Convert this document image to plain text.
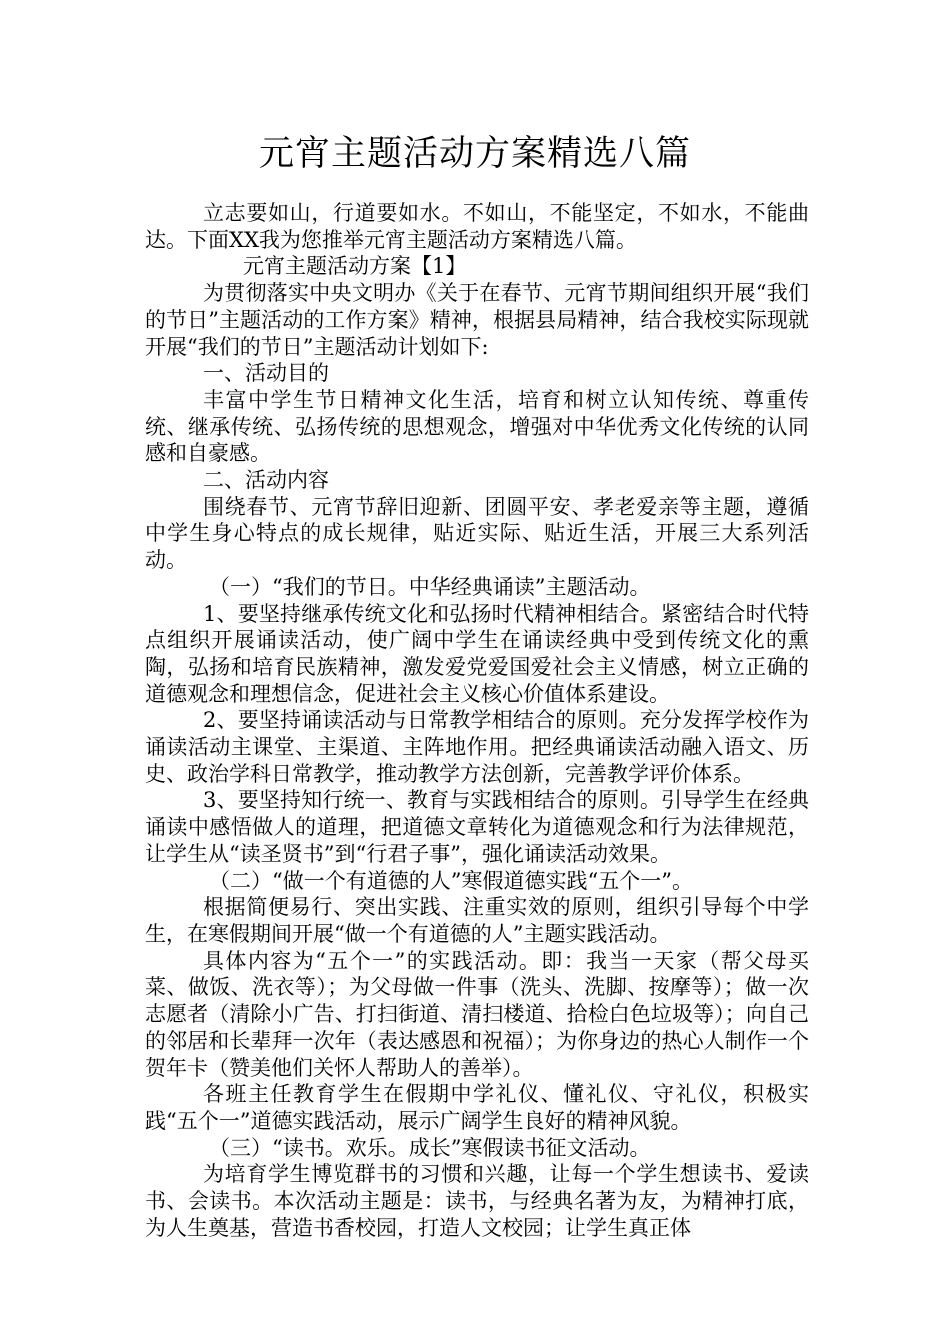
元宵主题活动方案精选八篇

立志要如山，行道要如水。不如山，不能坚定，不如水，不能曲达。下面XX我为您推举元宵主题活动方案精选八篇。

元宵主题活动方案【1】

为贯彻落实中央文明办《关于在春节、元宵节期间组织开展“我们的节日”主题活动的工作方案》精神，根据县局精神，结合我校实际现就开展“我们的节日”主题活动计划如下:

一、活动目的

丰富中学生节日精神文化生活，培育和树立认知传统、尊重传统、继承传统、弘扬传统的思想观念，增强对中华优秀文化传统的认同感和自豪感。

二、活动内容

围绕春节、元宵节辞旧迎新、团圆平安、孝老爱亲等主题，遵循中学生身心特点的成长规律，贴近实际、贴近生活，开展三大系列活动。

（一）“我们的节日。中华经典诵读”主题活动。

1、要坚持继承传统文化和弘扬时代精神相结合。紧密结合时代特点组织开展诵读活动，使广阔中学生在诵读经典中受到传统文化的熏陶，弘扬和培育民族精神，激发爱党爱国爱社会主义情感，树立正确的道德观念和理想信念，促进社会主义核心价值体系建设。

2、要坚持诵读活动与日常教学相结合的原则。充分发挥学校作为诵读活动主课堂、主渠道、主阵地作用。把经典诵读活动融入语文、历史、政治学科日常教学，推动教学方法创新，完善教学评价体系。

3、要坚持知行统一、教育与实践相结合的原则。引导学生在经典诵读中感悟做人的道理，把道德文章转化为道德观念和行为法律规范，让学生从“读圣贤书”到“行君子事”，强化诵读活动效果。

（二）“做一个有道德的人”寒假道德实践“五个一”。

根据简便易行、突出实践、注重实效的原则，组织引导每个中学生，在寒假期间开展“做一个有道德的人”主题实践活动。

具体内容为“五个一”的实践活动。即：我当一天家（帮父母买菜、做饭、洗衣等）；为父母做一件事（洗头、洗脚、按摩等）；做一次志愿者（清除小广告、打扫街道、清扫楼道、拾检白色垃圾等）；向自己的邻居和长辈拜一次年（表达感恩和祝福）；为你身边的热心人制作一个贺年卡（赞美他们关怀人帮助人的善举）。

各班主任教育学生在假期中学礼仪、懂礼仪、守礼仪，积极实践“五个一”道德实践活动，展示广阔学生良好的精神风貌。

（三）“读书。欢乐。成长”寒假读书征文活动。

为培育学生博览群书的习惯和兴趣，让每一个学生想读书、爱读书、会读书。本次活动主题是：读书，与经典名著为友，为精神打底，为人生奠基，营造书香校园，打造人文校园；让学生真正体
